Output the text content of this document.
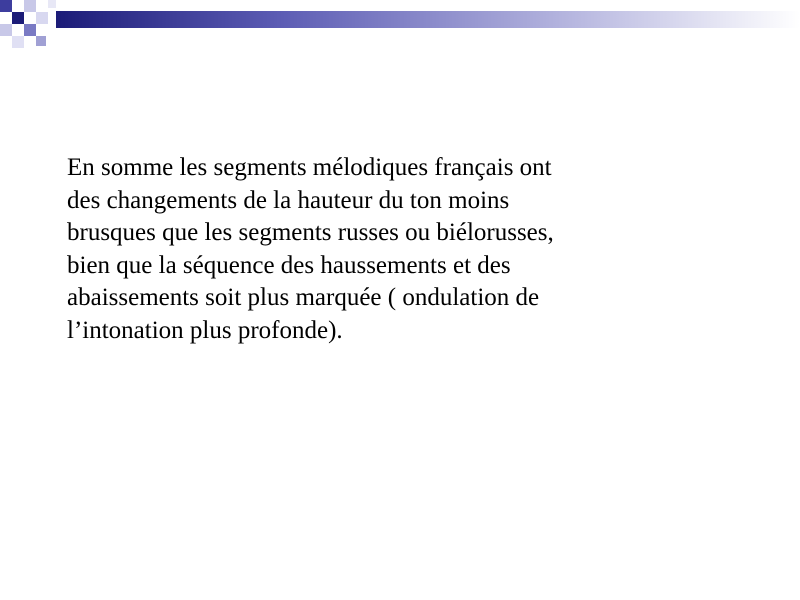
En somme les segments mélodiques français ont
des changements de la hauteur du ton moins
brusques que les segments russes ou biélorusses,
bien que la séquence des haussements et des
abaissements soit plus marquée ( ondulation de
l’intonation plus profonde).
